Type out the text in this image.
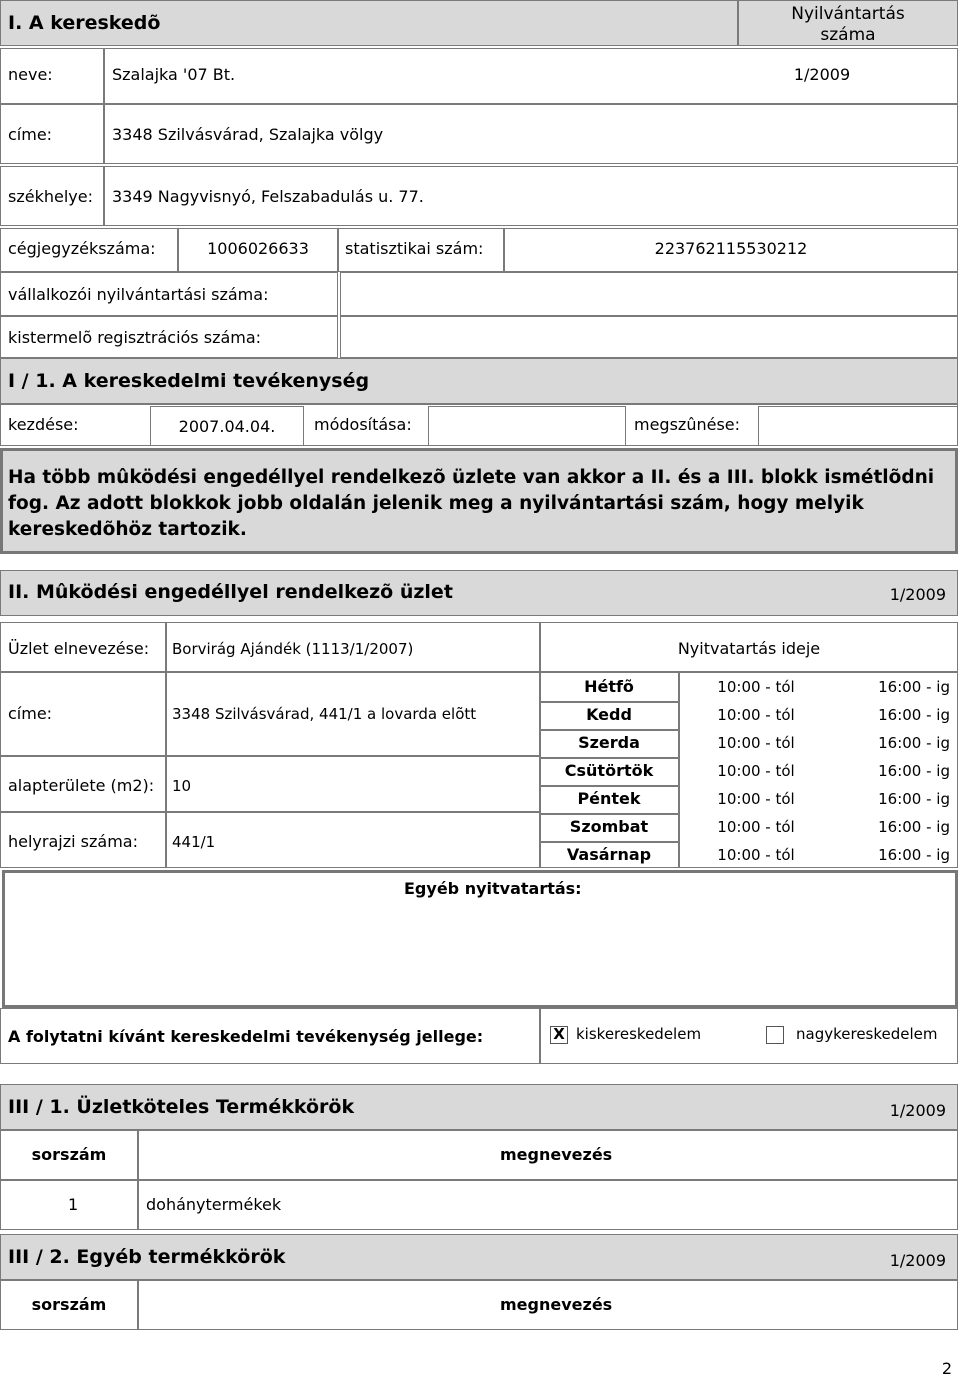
I. A kereskedõ	Nyilvántartás
száma
neve:	Szalajka '07 Bt.	1/2009
címe:	3348 Szilvásvárad, Szalajka völgy
székhelye: 3349 Nagyvisnyó, Felszabadulás u. 77.
cégjegyzékszáma:	1006026633	statisztikai szám:	223762115530212
vállalkozói nyilvántartási száma:
kistermelõ regisztrációs száma:
I / 1. A kereskedelmi tevékenység
kezdése:	2007.04.04.	módosítása:	megszûnése:
Ha több mûködési engedéllyel rendelkezõ üzlete van akkor a II. és a III. blokk ismétlõdni
fog. Az adott blokkok jobb oldalán jelenik meg a nyilvántartási szám, hogy melyik
kereskedõhöz tartozik.
II. Mûködési engedéllyel rendelkezõ üzlet	1/2009
Üzlet elnevezése: Borvirág Ajándék (1113/1/2007)	Nyitvatartás ideje
címe:	3348 Szilvásvárad, 441/1 a lovarda elõtt
alapterülete (m2): 10
helyrajzi száma: 441/1
Hétfõ	10:00 - tól	16:00 - ig
Kedd	10:00 - tól	16:00 - ig
Szerda	10:00 - tól	16:00 - ig
Csütörtök	10:00 - tól	16:00 - ig
Péntek	10:00 - tól	16:00 - ig
Szombat	10:00 - tól	16:00 - ig
Vasárnap	10:00 - tól	16:00 - ig
Egyéb nyitvatartás:
A folytatni kívánt kereskedelmi tevékenység jellege:	X kiskereskedelem	nagykereskedelem
III / 1. Üzletköteles Termékkörök	1/2009
sorszám	megnevezés
1	dohánytermékek
III / 2. Egyéb termékkörök	1/2009
sorszám	megnevezés
2
